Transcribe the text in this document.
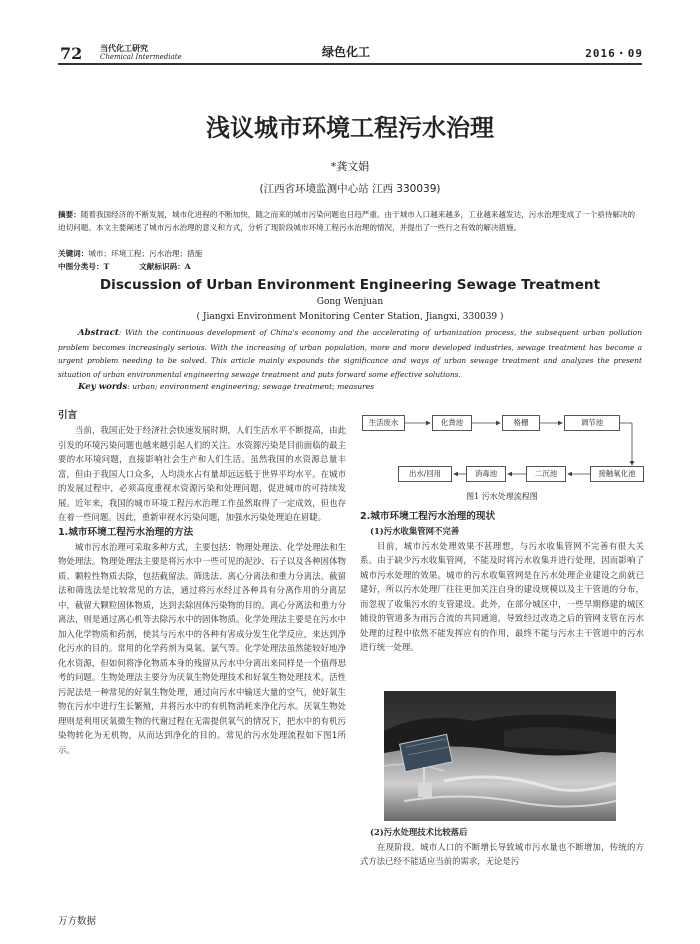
72 当代化工研究
Chemical Intermediate	绿色化工	2016・09
浅议城市环境工程污水治理
*龚文娟
(江西省环境监测中心站 江西 330039)
摘要：随着我国经济的不断发展，城市化进程的不断加快，随之而来的城市污染问题也日趋严重。由于城市人口越来越多，工业越来越发达，污水治理变成了一个亟待解决的迫切问题。本文主要阐述了城市污水治理的意义和方式，分析了现阶段城市环境工程污水治理的情况，并提出了一些行之有效的解决措施。
关键词：城市；环境工程；污水治理；措施
中图分类号：T	文献标识码：A
Discussion of Urban Environment Engineering Sewage Treatment
Gong Wenjuan
( Jiangxi Environment Monitoring Center Station, Jiangxi, 330039 )
Abstract: With the continuous development of China's economy and the accelerating of urbanization process, the subsequent urban pollution problem becomes increasingly serious. With the increasing of urban population, more and more developed industries, sewage treatment has become a urgent problem needing to be solved. This article mainly expounds the significance and ways of urban sewage treatment and analyzes the present situation of urban environmental engineering sewage treatment and puts forward some effective solutions.
Key words: urban; environment engineering; sewage treatment; measures
引言
当前，我国正处于经济社会快速发展时期，人们生活水平不断提高，由此引发的环境污染问题也越来越引起人们的关注。水资源污染是目前面临的最主要的水环境问题，直接影响社会生产和人们生活。虽然我国的水资源总量丰富，但由于我国人口众多，人均淡水占有量却远远低于世界平均水平。在城市的发展过程中，必须高度重视水资源污染和处理问题，促进城市的可持续发展。近年来，我国的城市环境工程污水治理工作虽然取得了一定成效，但也存在着一些问题。因此，重新审视水污染问题，加强水污染处理迫在眉睫。
1.城市环境工程污水治理的方法
城市污水治理可采取多种方式，主要包括：物理处理法、化学处理法和生物处理法。物理处理法主要是将污水中一些可见的泥沙、石子以及各种固体物质、颗粒性物质去除，包括截留法、筛选法、离心分离法和重力分离法。截留法和筛选法是比较常见的方法，通过将污水经过各种具有分离作用的分离层中，截留大颗粒固体物质，达到去除固体污染物的目的。离心分离法和重力分离法，则是通过离心机等去除污水中的固体物质。化学处理法主要是在污水中加入化学物质和药剂，使其与污水中的各种有害成分发生化学反应，来达到净化污水的目的。常用的化学药剂为臭氧、氯气等。化学处理法虽然能较好地净化水资源，但如何将净化物质本身的残留从污水中分离出来同样是一个值得思考的问题。生物处理法主要分为厌氧生物处理技术和好氧生物处理技术。活性污泥法是一种常见的好氧生物处理，通过向污水中输送大量的空气，使好氧生物在污水中进行生长繁殖，并将污水中的有机物消耗来净化污水。厌氧生物处理则是利用厌氧微生物的代谢过程在无需提供氧气的情况下，把水中的有机污染物转化为无机物，从而达到净化的目的。常见的污水处理流程如下图1所示。
生活废水	化粪池	格栅	调节池
接触氧化池
二沉池
消毒池
出水/回用
图1 污水处理流程图
2.城市环境工程污水治理的现状
(1)污水收集管网不完善
目前，城市污水处理效果不甚理想，与污水收集管网不完善有很大关系。由于缺少污水收集管网，不能及时将污水收集并进行处理，因而影响了城市污水处理的效果。城市的污水收集管网是在污水处理企业建设之前就已建好，所以污水处理厂往往更加关注自身的建设规模以及主干管道的分布，而忽视了收集污水的支管建设。此外，在部分城区中，一些早期修建的城区铺设的管道多为雨污合流的共同通道，导致经过改造之后的管网支管在污水处理的过程中依然不能发挥应有的作用，最终不能与污水主干管道中的污水进行统一处理。
(2)污水处理技术比较落后
在现阶段，城市人口的不断增长导致城市污水量也不断增加，传统的方式方法已经不能适应当前的需求，无论是污
万方数据
